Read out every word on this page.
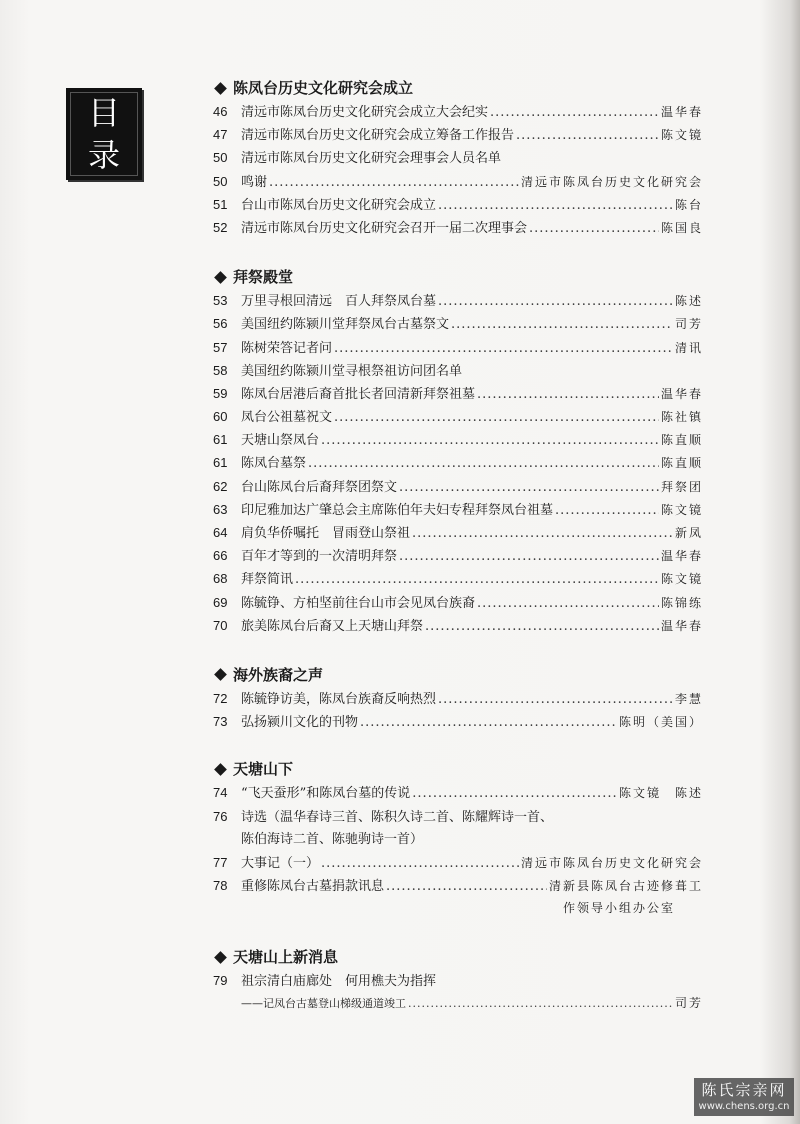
目
录
陈凤台历史文化研究会成立
46	清远市陈凤台历史文化研究会成立大会纪实 .....	温华春
47	清远市陈凤台历史文化研究会成立筹备工作报告 .....	陈文镜
50	清远市陈凤台历史文化研究会理事会人员名单
50	鸣谢 .....	清远市陈凤台历史文化研究会
51	台山市陈凤台历史文化研究会成立 .....	陈台
52	清远市陈凤台历史文化研究会召开一届二次理事会 .....	陈国良
拜祭殿堂
53	万里寻根回清远　百人拜祭凤台墓 .....	陈述
56	美国纽约陈颍川堂拜祭凤台古墓祭文 .....	司芳
57	陈树荣答记者问 .....	清讯
58	美国纽约陈颍川堂寻根祭祖访问团名单
59	陈凤台居港后裔首批长者回清新拜祭祖墓 .....	温华春
60	凤台公祖墓祝文 .....	陈社镇
61	天塘山祭凤台 .....	陈直顺
61	陈凤台墓祭 .....	陈直顺
62	台山陈凤台后裔拜祭团祭文 .....	拜祭团
63	印尼雅加达广肇总会主席陈伯年夫妇专程拜祭凤台祖墓 .....	陈文镜
64	肩负华侨嘱托　冒雨登山祭祖 .....	新凤
66	百年才等到的一次清明拜祭 .....	温华春
68	拜祭简讯 .....	陈文镜
69	陈毓铮、方柏坚前往台山市会见凤台族裔 .....	陈锦练
70	旅美陈凤台后裔又上天塘山拜祭 .....	温华春
海外族裔之声
72	陈毓铮访美，陈凤台族裔反响热烈 .....	李慧
73	弘扬颍川文化的刊物 .....	陈明（美国）
天塘山下
74	“飞天蚕形”和陈凤台墓的传说 .....	陈文镜　陈述
76	诗选（温华春诗三首、陈积久诗二首、陈耀辉诗一首、
陈伯海诗二首、陈驰驹诗一首）
77	大事记（一） .....	清远市陈凤台历史文化研究会
78	重修陈凤台古墓捐款讯息 .....	清新县陈凤台古迹修葺工
作领导小组办公室
天塘山上新消息
79	祖宗清白庙廊处　何用樵夫为指挥
——记凤台古墓登山梯级通道竣工 .....	司芳
陈氏宗亲网
www.chens.org.cn
